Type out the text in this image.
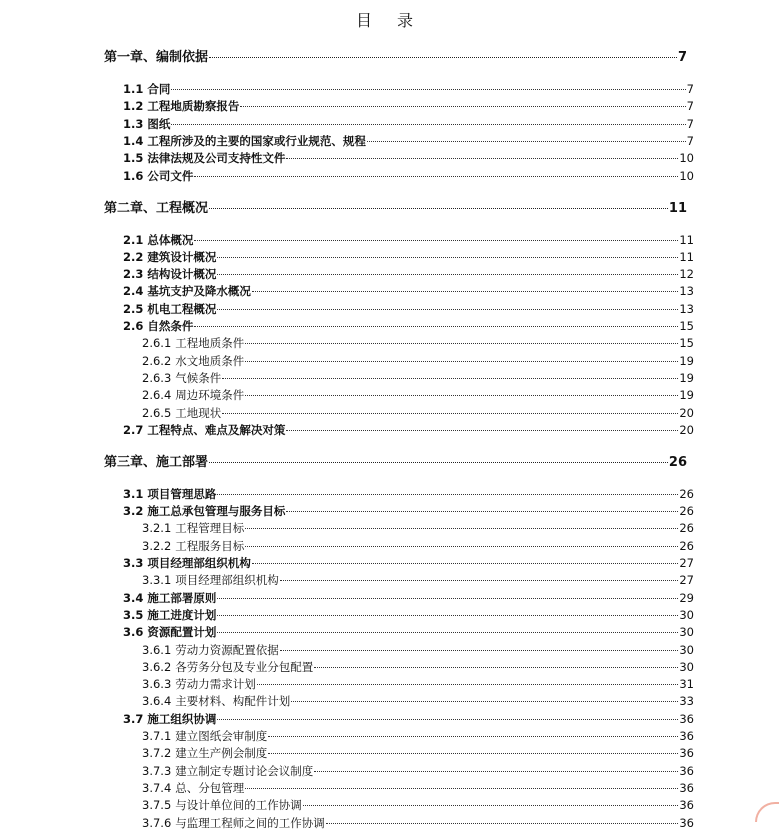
目 录
第一章、编制依据	7
1.1 合同	7
1.2 工程地质勘察报告	7
1.3 图纸	7
1.4 工程所涉及的主要的国家或行业规范、规程	7
1.5 法律法规及公司支持性文件	10
1.6 公司文件	10
第二章、工程概况	11
2.1 总体概况	11
2.2 建筑设计概况	11
2.3 结构设计概况	12
2.4 基坑支护及降水概况	13
2.5 机电工程概况	13
2.6 自然条件	15
2.6.1 工程地质条件	15
2.6.2 水文地质条件	19
2.6.3 气候条件	19
2.6.4 周边环境条件	19
2.6.5 工地现状	20
2.7 工程特点、难点及解决对策	20
第三章、施工部署	26
3.1 项目管理思路	26
3.2 施工总承包管理与服务目标	26
3.2.1 工程管理目标	26
3.2.2 工程服务目标	26
3.3 项目经理部组织机构	27
3.3.1 项目经理部组织机构	27
3.4 施工部署原则	29
3.5 施工进度计划	30
3.6 资源配置计划	30
3.6.1 劳动力资源配置依据	30
3.6.2 各劳务分包及专业分包配置	30
3.6.3 劳动力需求计划	31
3.6.4 主要材料、构配件计划	33
3.7 施工组织协调	36
3.7.1 建立图纸会审制度	36
3.7.2 建立生产例会制度	36
3.7.3 建立制定专题讨论会议制度	36
3.7.4 总、分包管理	36
3.7.5 与设计单位间的工作协调	36
3.7.6 与监理工程师之间的工作协调	36
